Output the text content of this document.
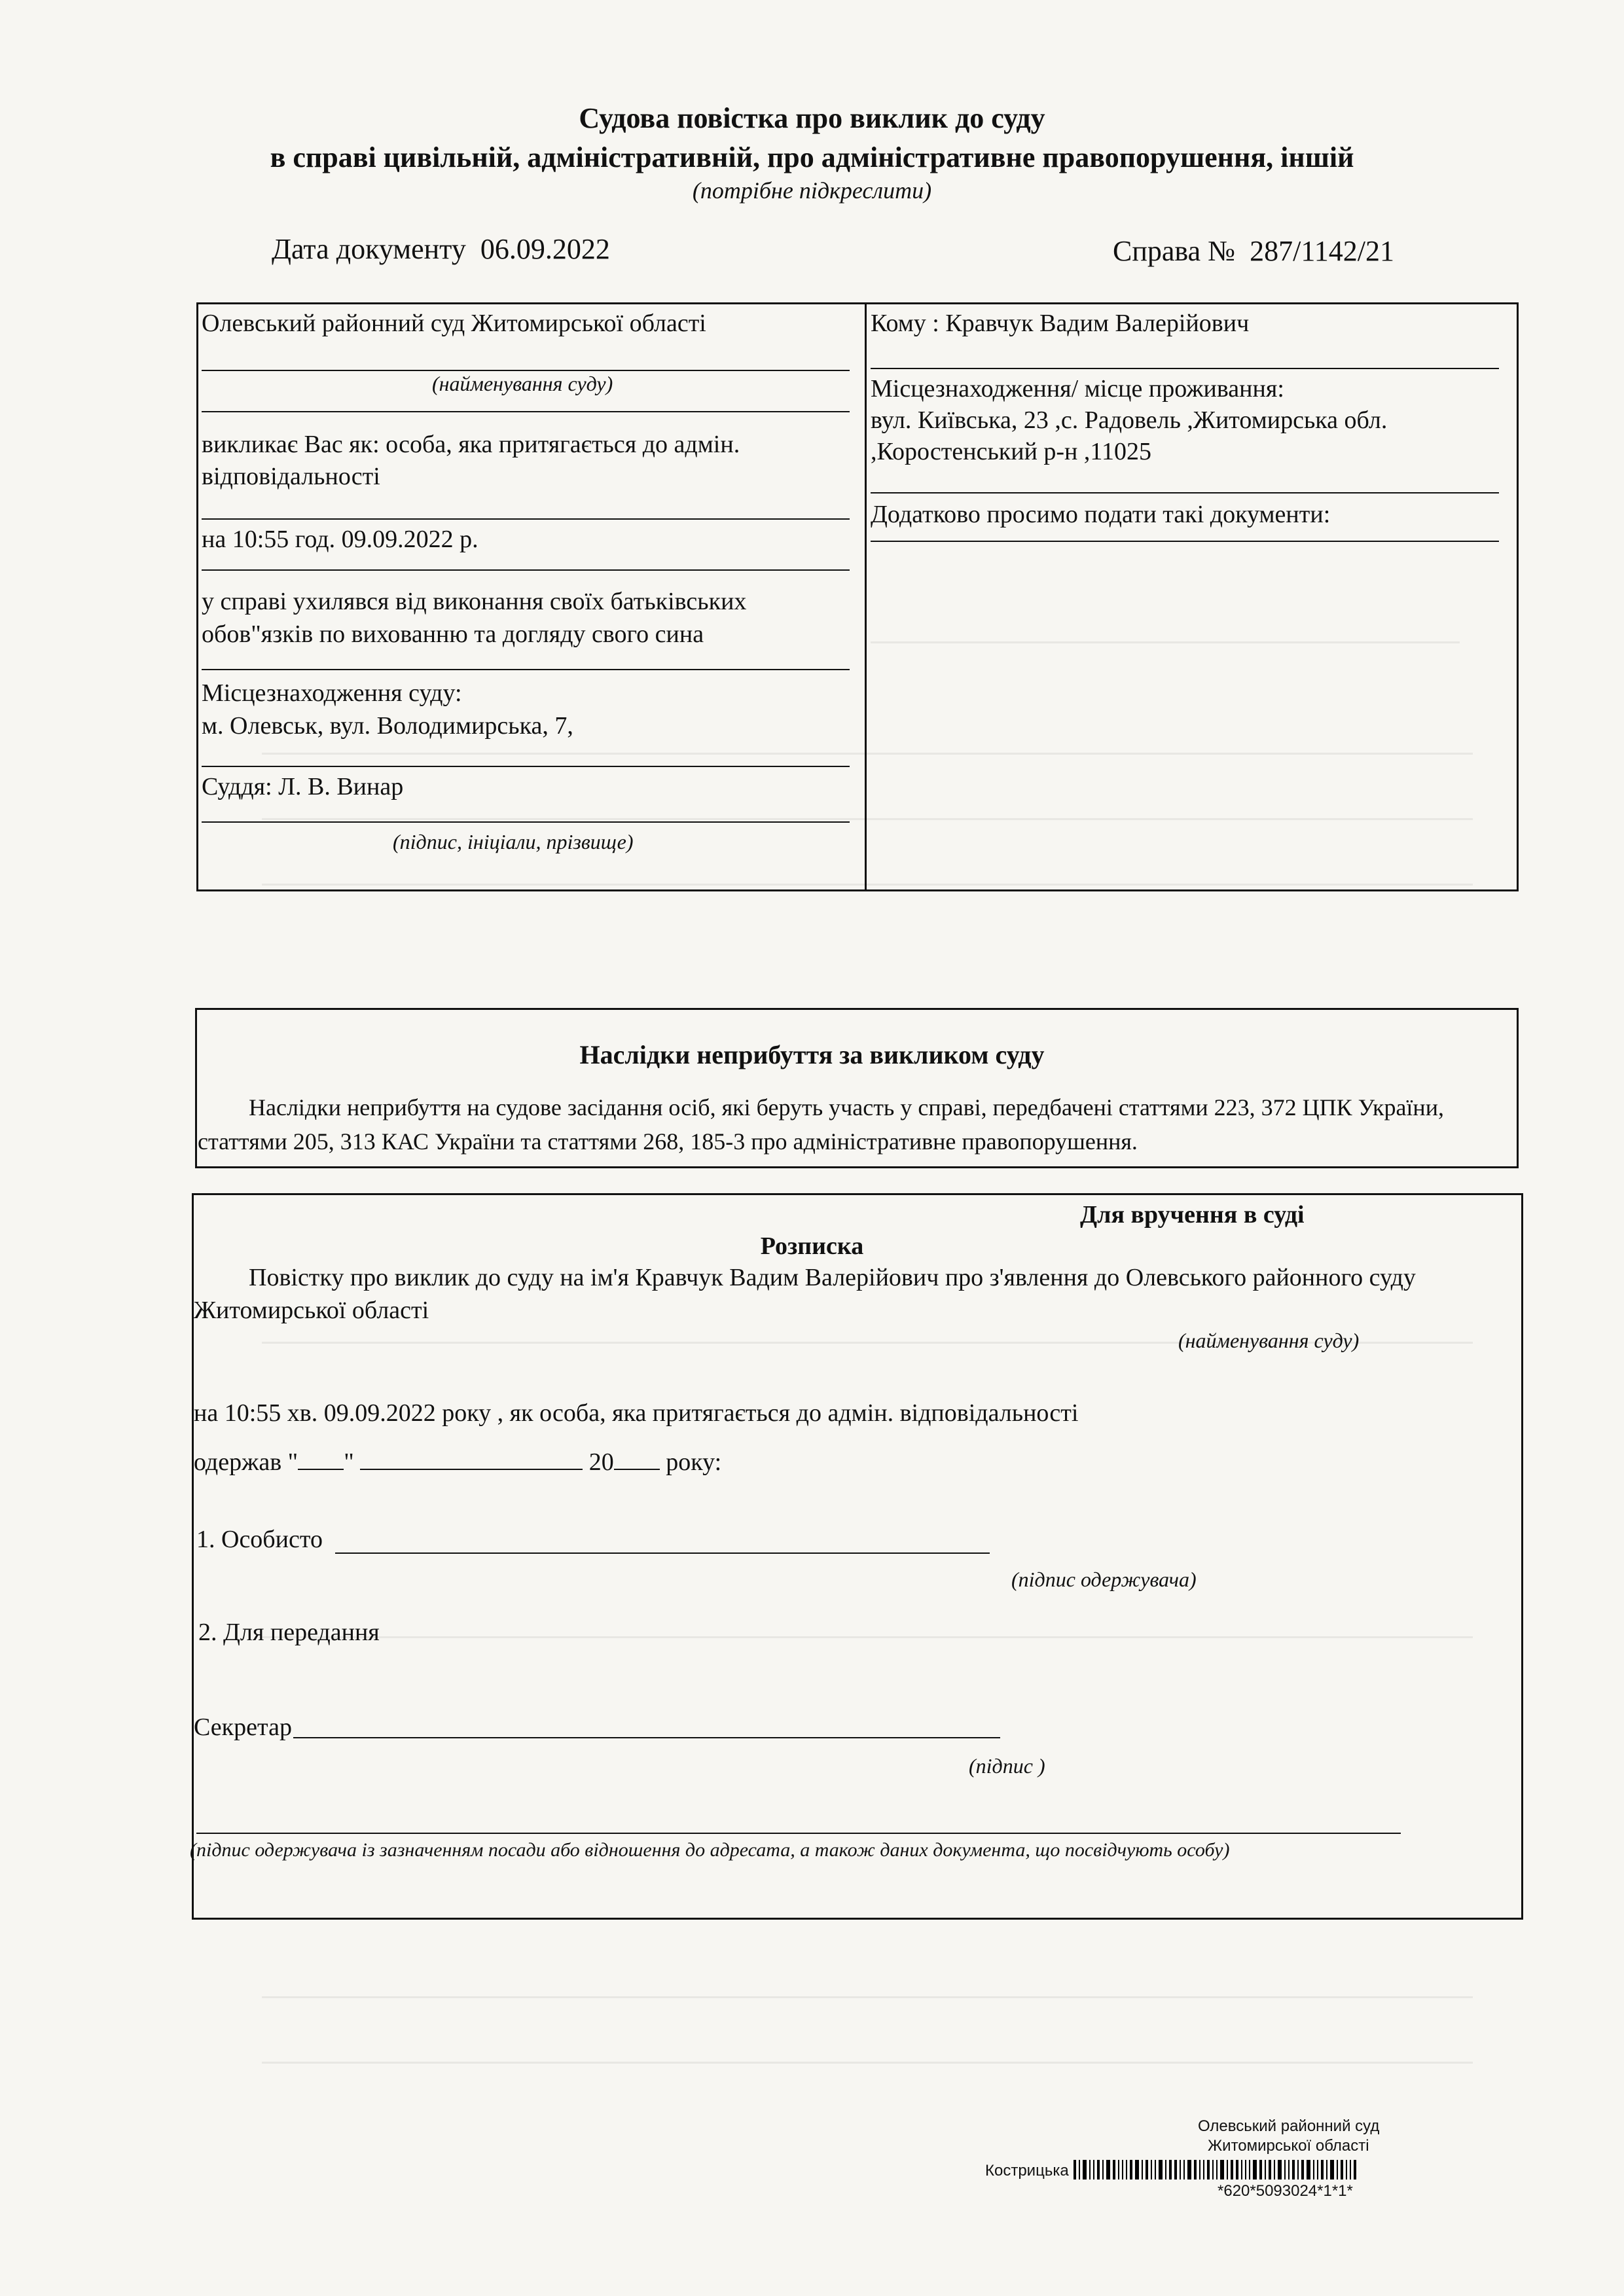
Судова повістка про виклик до суду
в справі цивільній, адміністративній, про адміністративне правопорушення, іншій
(потрібне підкреслити)
Дата документу 06.09.2022	Справа № 287/1142/21
Олевський районний суд Житомирської області
(найменування суду)
викликає Вас як: особа, яка притягається до адмін.
відповідальності
на 10:55 год. 09.09.2022 р.
у справі ухилявся від виконання своїх батьківських
обов"язків по вихованню та догляду свого сина
Місцезнаходження суду:
м. Олевськ, вул. Володимирська, 7,
Суддя: Л. В. Винар
(підпис, ініціали, прізвище)
Кому : Кравчук Вадим Валерійович
Місцезнаходження/ місце проживання:
вул. Київська, 23 ,с. Радовель ,Житомирська обл.
,Коростенський р-н ,11025
Додатково просимо подати такі документи:
Наслідки неприбуття за викликом суду
Наслідки неприбуття на судове засідання осіб, які беруть участь у справі, передбачені статтями 223, 372 ЦПК України,
статтями 205, 313 КАС України та статтями 268, 185-3 про адміністративне правопорушення.
Для вручення в суді
Розписка
Повістку про виклик до суду на ім'я Кравчук Вадим Валерійович про з'явлення до Олевського районного суду
Житомирської області
(найменування суду)
на 10:55 хв. 09.09.2022 року , як особа, яка притягається до адмін. відповідальності
одержав " "	20 року:
1. Особисто
(підпис одержувача)
2. Для передання
Секретар
(підпис )
(підпис одержувача із зазначенням посади або відношення до адресата, а також даних документа, що посвідчують особу)
Олевський районний суд
Житомирської області
Кострицька
*620*5093024*1*1*
